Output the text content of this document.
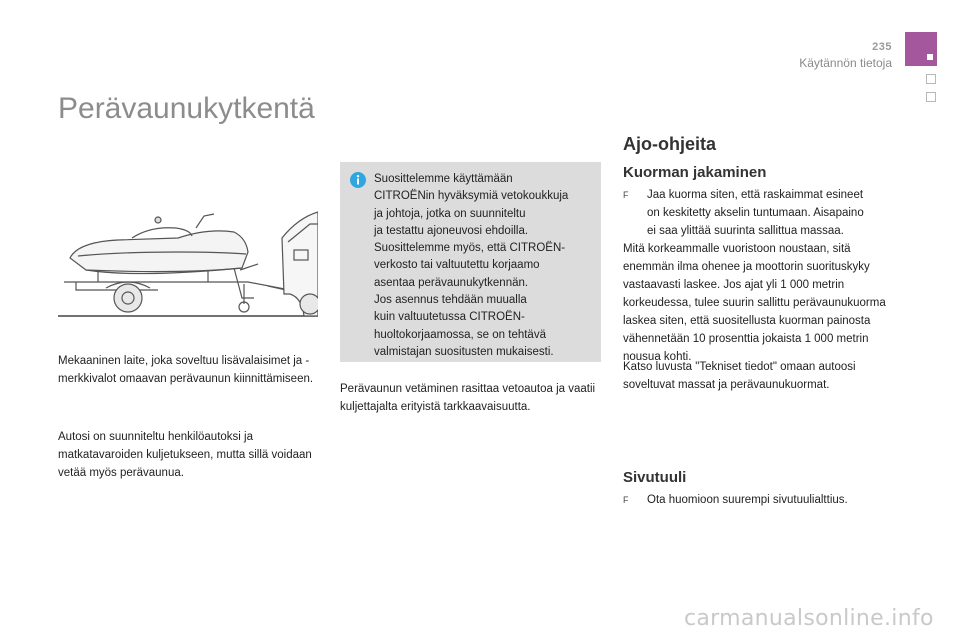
235
Käytännön tietoja
Perävaunukytkentä

Mekaaninen laite, joka soveltuu lisävalaisimet ja -merkkivalot omaavan perävaunun kiinnittämiseen.

Autosi on suunniteltu henkilöautoksi ja matkatavaroiden kuljetukseen, mutta sillä voidaan vetää myös perävaunua.

Suosittelemme käyttämään
CITROËNin hyväksymiä vetokoukkuja
ja johtoja, jotka on suunniteltu
ja testattu ajoneuvosi ehdoilla.
Suosittelemme myös, että CITROËN-
verkosto tai valtuutettu korjaamo
asentaa perävaunukytkennän.
Jos asennus tehdään muualla
kuin valtuutetussa CITROËN-
huoltokorjaamossa, se on tehtävä
valmistajan suositusten mukaisesti.

Perävaunun vetäminen rasittaa vetoautoa ja vaatii kuljettajalta erityistä tarkkaavaisuutta.

Ajo-ohjeita
Kuorman jakaminen
F	Jaa kuorma siten, että raskaimmat esineet
on keskitetty akselin tuntumaan. Aisapaino
ei saa ylittää suurinta sallittua massaa.

Mitä korkeammalle vuoristoon noustaan, sitä enemmän ilma ohenee ja moottorin suorituskyky vastaavasti laskee. Jos ajat yli 1 000 metrin korkeudessa, tulee suurin sallittu perävaunukuorma laskea siten, että suositellusta kuorman painosta vähennetään 10 prosenttia jokaista 1 000 metrin nousua kohti.

Katso luvusta "Tekniset tiedot" omaan autoosi soveltuvat massat ja perävaunukuormat.

Sivutuuli
F	Ota huomioon suurempi sivutuulialttius.
carmanualsonline.info
